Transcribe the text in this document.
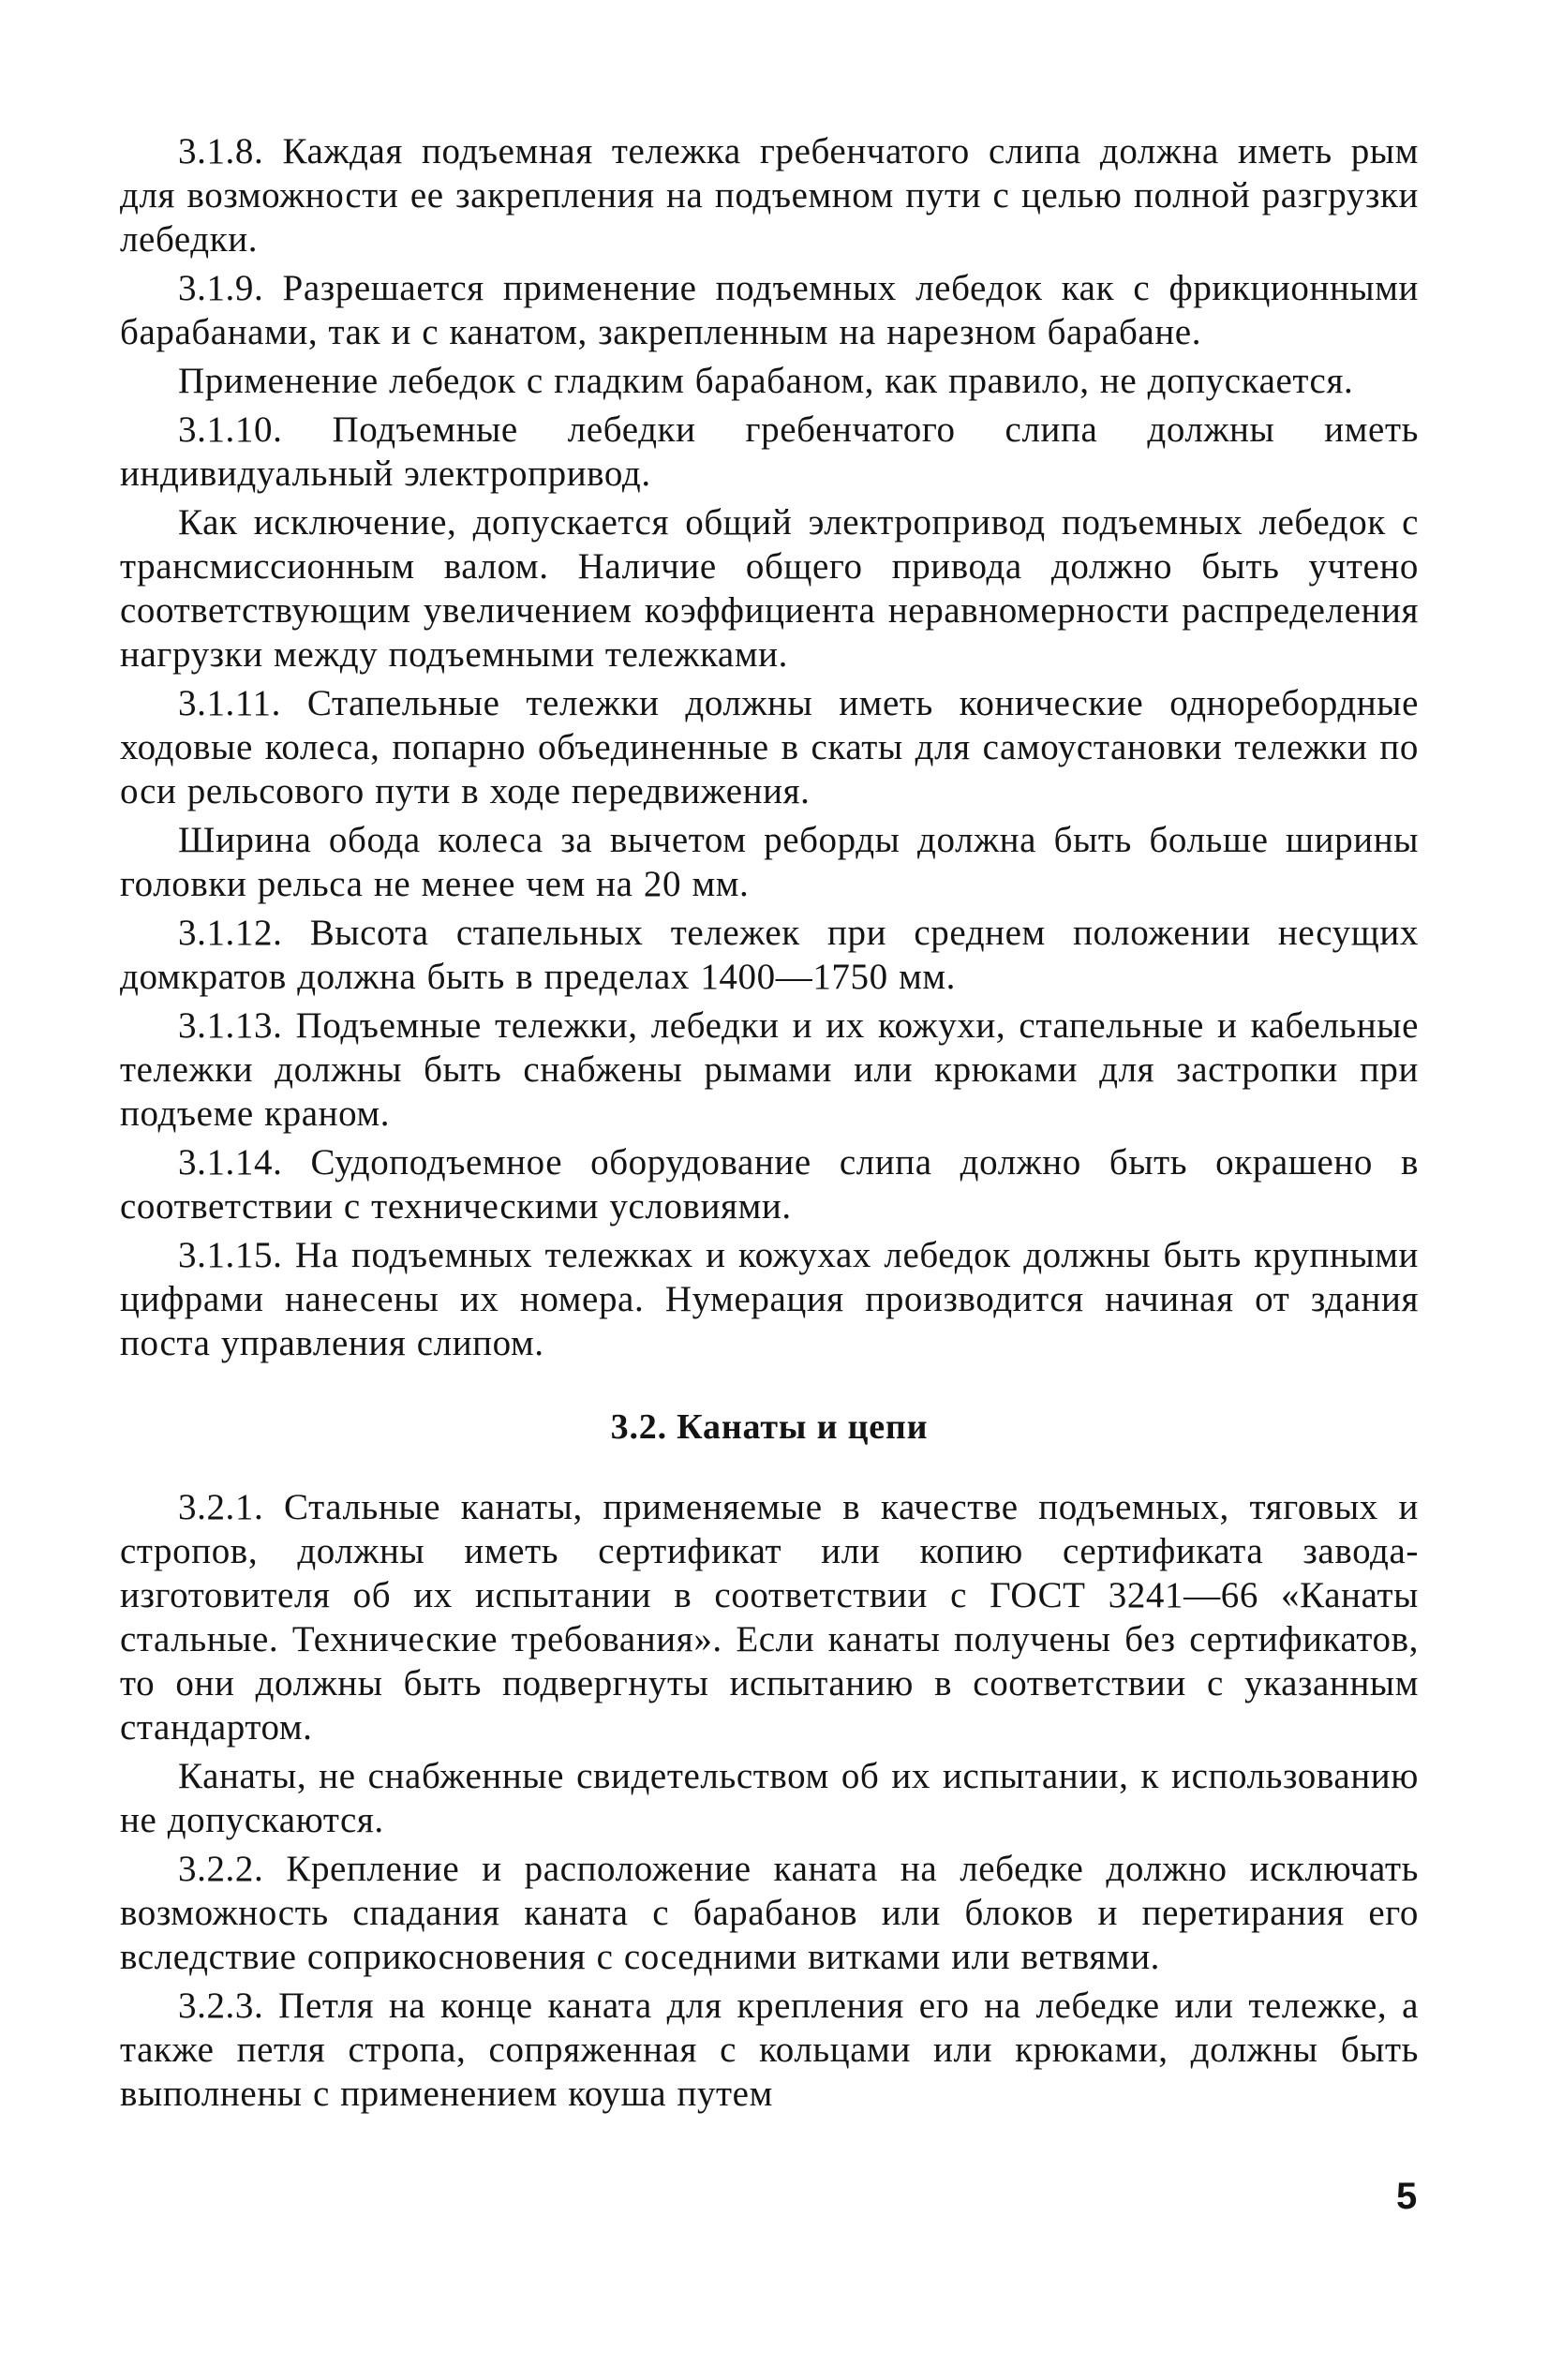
3.1.8. Каждая подъемная тележка гребенчатого слипа должна иметь рым для возможности ее закрепления на подъемном пути с целью полной разгрузки лебедки.

3.1.9. Разрешается применение подъемных лебедок как с фрикционными барабанами, так и с канатом, закрепленным на нарезном барабане.

Применение лебедок с гладким барабаном, как правило, не допускается.

3.1.10. Подъемные лебедки гребенчатого слипа должны иметь индивидуальный электропривод.

Как исключение, допускается общий электропривод подъемных лебедок с трансмиссионным валом. Наличие общего привода должно быть учтено соответствующим увеличением коэффициента неравномерности распределения нагрузки между подъемными тележками.

3.1.11. Стапельные тележки должны иметь конические одноребордные ходовые колеса, попарно объединенные в скаты для самоустановки тележки по оси рельсового пути в ходе передвижения.

Ширина обода колеса за вычетом реборды должна быть больше ширины головки рельса не менее чем на 20 мм.

3.1.12. Высота стапельных тележек при среднем положении несущих домкратов должна быть в пределах 1400—1750 мм.

3.1.13. Подъемные тележки, лебедки и их кожухи, стапельные и кабельные тележки должны быть снабжены рымами или крюками для застропки при подъеме краном.

3.1.14. Судоподъемное оборудование слипа должно быть окрашено в соответствии с техническими условиями.

3.1.15. На подъемных тележках и кожухах лебедок должны быть крупными цифрами нанесены их номера. Нумерация производится начиная от здания поста управления слипом.

3.2. Канаты и цепи

3.2.1. Стальные канаты, применяемые в качестве подъемных, тяговых и стропов, должны иметь сертификат или копию сертификата завода-изготовителя об их испытании в соответствии с ГОСТ 3241—66 «Канаты стальные. Технические требования». Если канаты получены без сертификатов, то они должны быть подвергнуты испытанию в соответствии с указанным стандартом.

Канаты, не снабженные свидетельством об их испытании, к использованию не допускаются.

3.2.2. Крепление и расположение каната на лебедке должно исключать возможность спадания каната с барабанов или блоков и перетирания его вследствие соприкосновения с соседними витками или ветвями.

3.2.3. Петля на конце каната для крепления его на лебедке или тележке, а также петля стропа, сопряженная с кольцами или крюками, должны быть выполнены с применением коуша путем

5
